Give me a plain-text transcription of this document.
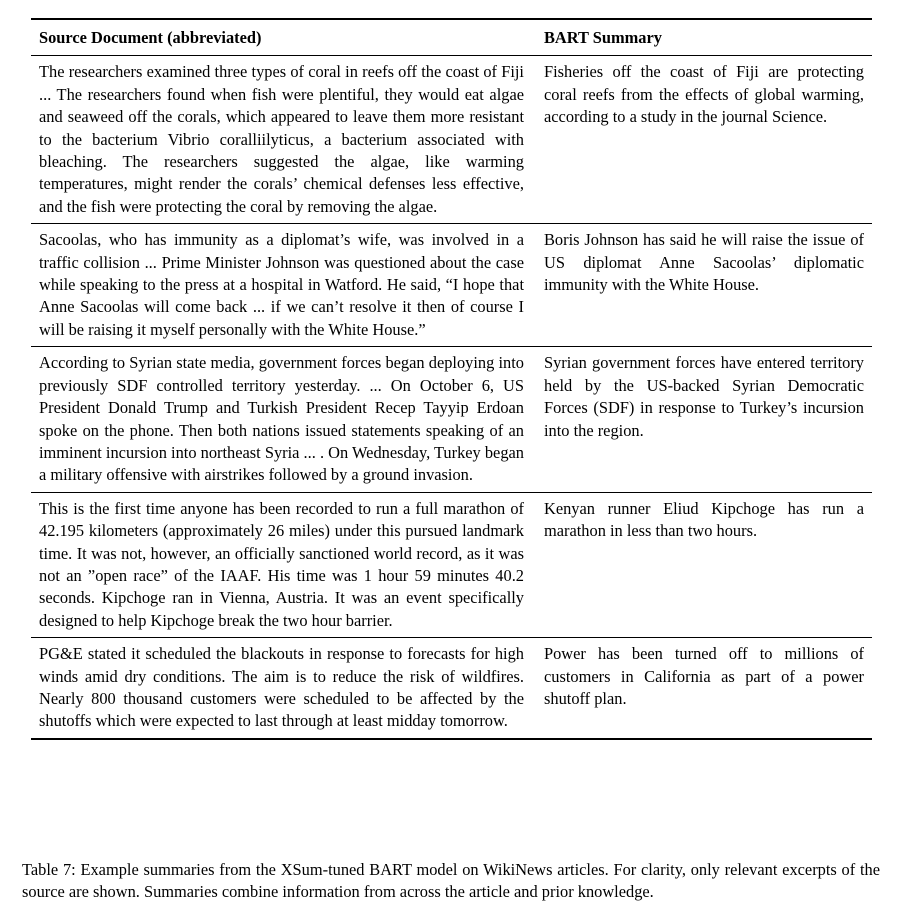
Source Document (abbreviated)	BART Summary
The researchers examined three types of coral in reefs off the coast of Fiji ... The researchers found when fish were plentiful, they would eat algae and seaweed off the corals, which appeared to leave them more resistant to the bacterium Vibrio coralliilyticus, a bacterium associated with bleaching. The researchers suggested the algae, like warming temperatures, might render the corals’ chemical defenses less effective, and the fish were protecting the coral by removing the algae.	Fisheries off the coast of Fiji are protecting coral reefs from the effects of global warming, according to a study in the journal Science.
Sacoolas, who has immunity as a diplomat’s wife, was involved in a traffic collision ... Prime Minister Johnson was questioned about the case while speaking to the press at a hospital in Watford. He said, “I hope that Anne Sacoolas will come back ... if we can’t resolve it then of course I will be raising it myself personally with the White House.”	Boris Johnson has said he will raise the issue of US diplomat Anne Sacoolas’ diplomatic immunity with the White House.
According to Syrian state media, government forces began deploying into previously SDF controlled territory yesterday. ... On October 6, US President Donald Trump and Turkish President Recep Tayyip Erdoan spoke on the phone. Then both nations issued statements speaking of an imminent incursion into northeast Syria ... . On Wednesday, Turkey began a military offensive with airstrikes followed by a ground invasion.	Syrian government forces have entered territory held by the US-backed Syrian Democratic Forces (SDF) in response to Turkey’s incursion into the region.
This is the first time anyone has been recorded to run a full marathon of 42.195 kilometers (approximately 26 miles) under this pursued landmark time. It was not, however, an officially sanctioned world record, as it was not an ”open race” of the IAAF. His time was 1 hour 59 minutes 40.2 seconds. Kipchoge ran in Vienna, Austria. It was an event specifically designed to help Kipchoge break the two hour barrier.	Kenyan runner Eliud Kipchoge has run a marathon in less than two hours.
PG&E stated it scheduled the blackouts in response to forecasts for high winds amid dry conditions. The aim is to reduce the risk of wildfires. Nearly 800 thousand customers were scheduled to be affected by the shutoffs which were expected to last through at least midday tomorrow.	Power has been turned off to millions of customers in California as part of a power shutoff plan.
Table 7: Example summaries from the XSum-tuned BART model on WikiNews articles. For clarity, only relevant excerpts of the source are shown. Summaries combine information from across the article and prior knowledge.
